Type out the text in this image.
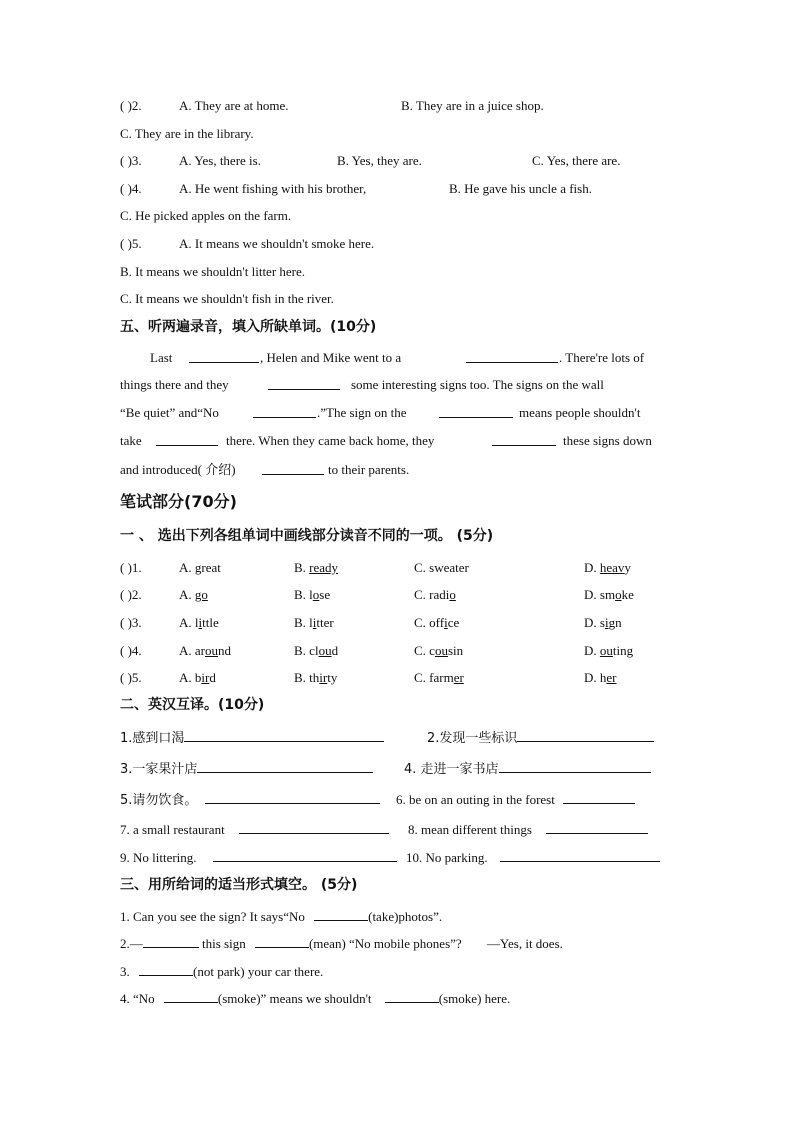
( )2.	A. They are at home.	B. They are in a juice shop.
C. They are in the library.
( )3.	A. Yes, there is.	B. Yes, they are.	C. Yes, there are.
( )4.	A. He went fishing with his brother,	B. He gave his uncle a fish.
C. He picked apples on the farm.
( )5.	A. It means we shouldn't smoke here.
B. It means we shouldn't litter here.
C. It means we shouldn't fish in the river.
五、听两遍录音，填入所缺单词。(10分)
Last	, Helen and Mike went to a	. There're lots of
things there and they	some interesting signs too. The signs on the wall
“Be quiet” and“No	.”The sign on the	means people shouldn't
take	there. When they came back home, they	these signs down
and introduced( 介绍)	to their parents.
笔试部分(70分)
一 、 选出下列各组单词中画线部分读音不同的一项。 (5分)
( )1.	A. great	B. ready	C. sweater	D. heavy
( )2.	A. go	B. lose	C. radio	D. smoke
( )3.	A. little	B. litter	C. office	D. sign
( )4.	A. around	B. cloud	C. cousin	D. outing
( )5.	A. bird	B. thirty	C. farmer	D. her
二、英汉互译。(10分)
1.感到口渴	2.发现一些标识
3.一家果汁店	4. 走进一家书店
5.请勿饮食。	6. be on an outing in the forest
7. a small restaurant	8. mean different things
9. No littering.	10. No parking.
三、用所给词的适当形式填空。 (5分)
1. Can you see the sign? It says“No	(take)photos”.
2.—	this sign	(mean) “No mobile phones”? —Yes, it does.
3.	(not park) your car there.
4. “No	(smoke)” means we shouldn't	(smoke) here.
